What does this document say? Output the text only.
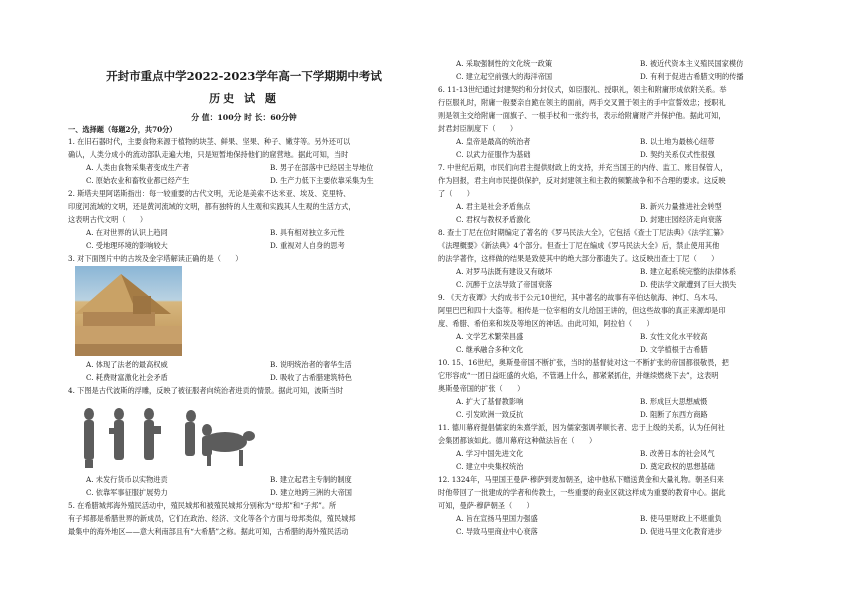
开封市重点中学2022-2023学年高一下学期期中考试
历史 试 题
分 值：100分 时 长：60分钟
一、选择题（每题2分，共70分）
1. 在旧石器时代，主要食物来源于植物的块茎、鲜果、坚果、种子、嫩芽等。另外还可以
确认，人类分成小的流动部队走遍大地，只是短暂地保持他们的窟营地。据此可知，当时
A. 人类由食物采集者变成生产者	B. 男子在部落中已经居主导地位
C. 原始农业和畜牧业都已经产生	D. 生产力低下主要依靠采集为生
2. 斯塔夫里阿诺斯指出：每一较重要的古代文明，无论是美索不达米亚、埃及、克里特、
印度河流域的文明，还是黄河流域的文明，都有独特的人生观和实践其人生观的生活方式，
这表明古代文明（　　）
A. 在对世界的认识上趋同	B. 具有相对独立多元性
C. 受地理环境的影响较大	D. 重视对人自身的思考
3. 对下面图片中的古埃及金字塔解读正确的是（　　）
A. 体现了法老的最高权威	B. 说明统治者的奢华生活
C. 耗费财富激化社会矛盾	D. 吸收了古希腊建筑特色
4. 下图是古代波斯的浮雕，反映了被征服者向统治者进贡的情景。据此可知，波斯当时
A. 未发行货币以实物进贡	B. 建立起君主专制的制度
C. 依靠军事征服扩展势力	D. 建立地跨三洲的大帝国
5. 在希腊城邦海外殖民活动中，殖民城邦和被殖民城邦分别称为“母邦”和“子邦”。所
有子邦都是希腊世界的新成员，它们在政治、经济、文化等各个方面与母邦类似，殖民城邦
最集中的海外地区——意大利南部且有“大希腊”之称。据此可知，古希腊的海外殖民活动
A. 采取强制性的文化统一政策	B. 被近代资本主义殖民国家模仿
C. 建立起空前强大的海洋帝国	D. 有利于促进古希腊文明的传播
6. 11-13世纪通过封建契约和分封仪式，如臣服礼、授职礼，领主和附庸形成依附关系。举
行臣服礼时，附庸一般要亲自跪在领主的面前，两手交叉置于领主的手中宣誓效忠；授职礼
则是领主交给附庸一面旗子、一根手杖和一张约书，表示给附庸财产并保护他。据此可知，
封君封臣制度下（　　）
A. 皇帝是最高的统治者	B. 以土地为最核心纽带
C. 以武力征服作为基础	D. 契约关系仅式性很强
7. 中世纪后期，市民们向君主提供财政上的支持，并充当国王的内侍、监工、账目保管人，
作为回报，君主向市民提供保护，反对封建领主和主教的频繁战争和不合理的要求。这反映
了（　　）
A. 君主是社会矛盾焦点	B. 新兴力量推进社会转型
C. 君权与教权矛盾激化	D. 封建庄园经济走向衰落
8. 查士丁尼在位时期编定了著名的《罗马民法大全》，它包括《查士丁尼法典》《法学汇纂》
《法理概要》《新法典》4个部分。但查士丁尼在编成《罗马民法大全》后，禁止使用其他
的法学著作，这样做的结果是致使其中的绝大部分都遗失了。这反映出查士丁尼（　　）
A. 对罗马法既有建设又有破坏	B. 建立起系统完整的法律体系
C. 沉醉于立法导致了帝国衰落	D. 使法学文献遭到了巨大损失
9. 《天方夜谭》大约成书于公元10世纪，其中著名的故事有辛伯达航海、神灯、乌木马、
阿里巴巴和四十大盗等。相传是一位宰相的女儿给国王讲的，但这些故事的真正来源却是印
度、希腊、希伯来和埃及等地区的神话。由此可知，阿拉伯（　　）
A. 文学艺术繁荣昌盛	B. 女性文化水平较高
C. 继承融合多种文化	D. 文学植根于古希腊
10. 15、16世纪，奥斯曼帝国不断扩张，当时的基督徒对这一不断扩张的帝国都很敬畏，把
它形容成“一团日益旺盛的火焰，不管遇上什么，都紧紧抓住，并继续燃烧下去”，这表明
奥斯曼帝国的扩张（　　）
A. 扩大了基督教影响	B. 形成巨大思想威慑
C. 引发欧洲一致反抗	D. 阻断了东西方商路
11. 德川幕府提倡儒家的朱熹学派，因为儒家强调孝顺长者、忠于上级的关系，认为任何社
会集团都该如此。德川幕府这种做法旨在（　　）
A. 学习中国先进文化	B. 改善日本的社会风气
C. 建立中央集权统治	D. 奠定政权的思想基础
12. 1324年，马里国王曼萨·穆萨到麦加朝圣，途中他私下赠送黄金和大量礼物。朝圣归来
时他带回了一批建成的学者和传教士，一些重要的商业区就这样成为重要的教育中心。据此
可知，曼萨·穆萨朝圣（　　）
A. 旨在宣扬马里国力强盛	B. 使马里财政上不堪重负
C. 导致马里商业中心衰落	D. 促进马里文化教育进步
